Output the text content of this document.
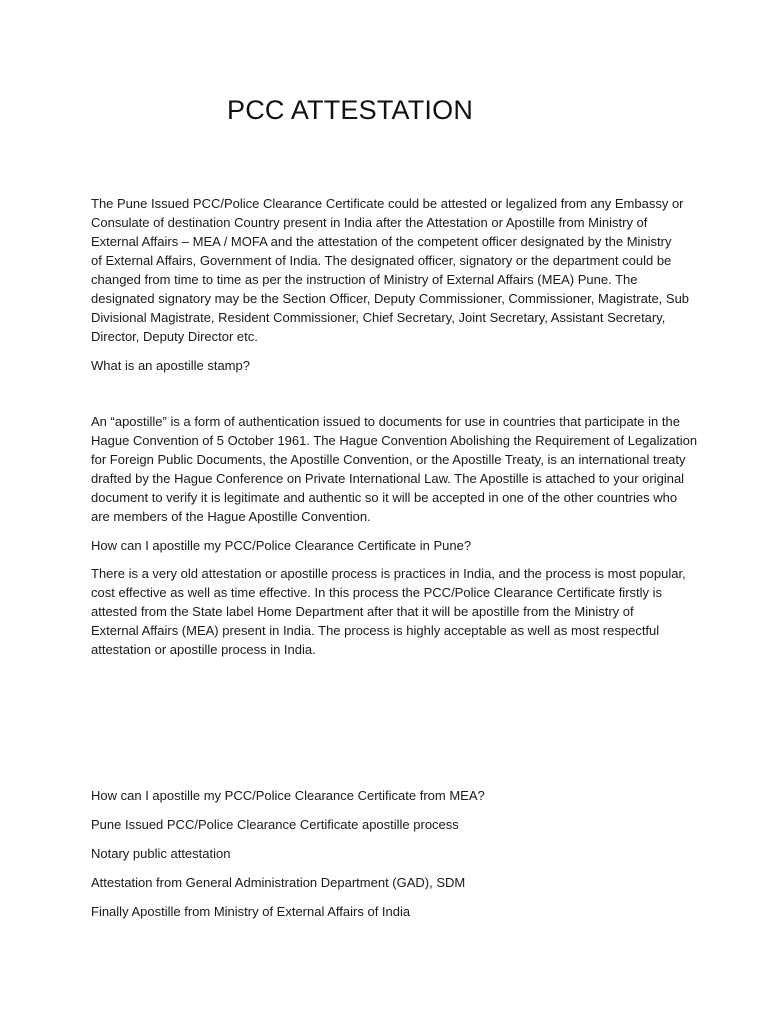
PCC ATTESTATION
The Pune Issued PCC/Police Clearance Certificate could be attested or legalized from any Embassy or
Consulate of destination Country present in India after the Attestation or Apostille from Ministry of
External Affairs – MEA / MOFA and the attestation of the competent officer designated by the Ministry
of External Affairs, Government of India. The designated officer, signatory or the department could be
changed from time to time as per the instruction of Ministry of External Affairs (MEA) Pune. The
designated signatory may be the Section Officer, Deputy Commissioner, Commissioner, Magistrate, Sub
Divisional Magistrate, Resident Commissioner, Chief Secretary, Joint Secretary, Assistant Secretary,
Director, Deputy Director etc.
What is an apostille stamp?
An “apostille” is a form of authentication issued to documents for use in countries that participate in the
Hague Convention of 5 October 1961. The Hague Convention Abolishing the Requirement of Legalization
for Foreign Public Documents, the Apostille Convention, or the Apostille Treaty, is an international treaty
drafted by the Hague Conference on Private International Law. The Apostille is attached to your original
document to verify it is legitimate and authentic so it will be accepted in one of the other countries who
are members of the Hague Apostille Convention.
How can I apostille my PCC/Police Clearance Certificate in Pune?
There is a very old attestation or apostille process is practices in India, and the process is most popular,
cost effective as well as time effective. In this process the PCC/Police Clearance Certificate firstly is
attested from the State label Home Department after that it will be apostille from the Ministry of
External Affairs (MEA) present in India. The process is highly acceptable as well as most respectful
attestation or apostille process in India.
How can I apostille my PCC/Police Clearance Certificate from MEA?
Pune Issued PCC/Police Clearance Certificate apostille process
Notary public attestation
Attestation from General Administration Department (GAD), SDM
Finally Apostille from Ministry of External Affairs of India
